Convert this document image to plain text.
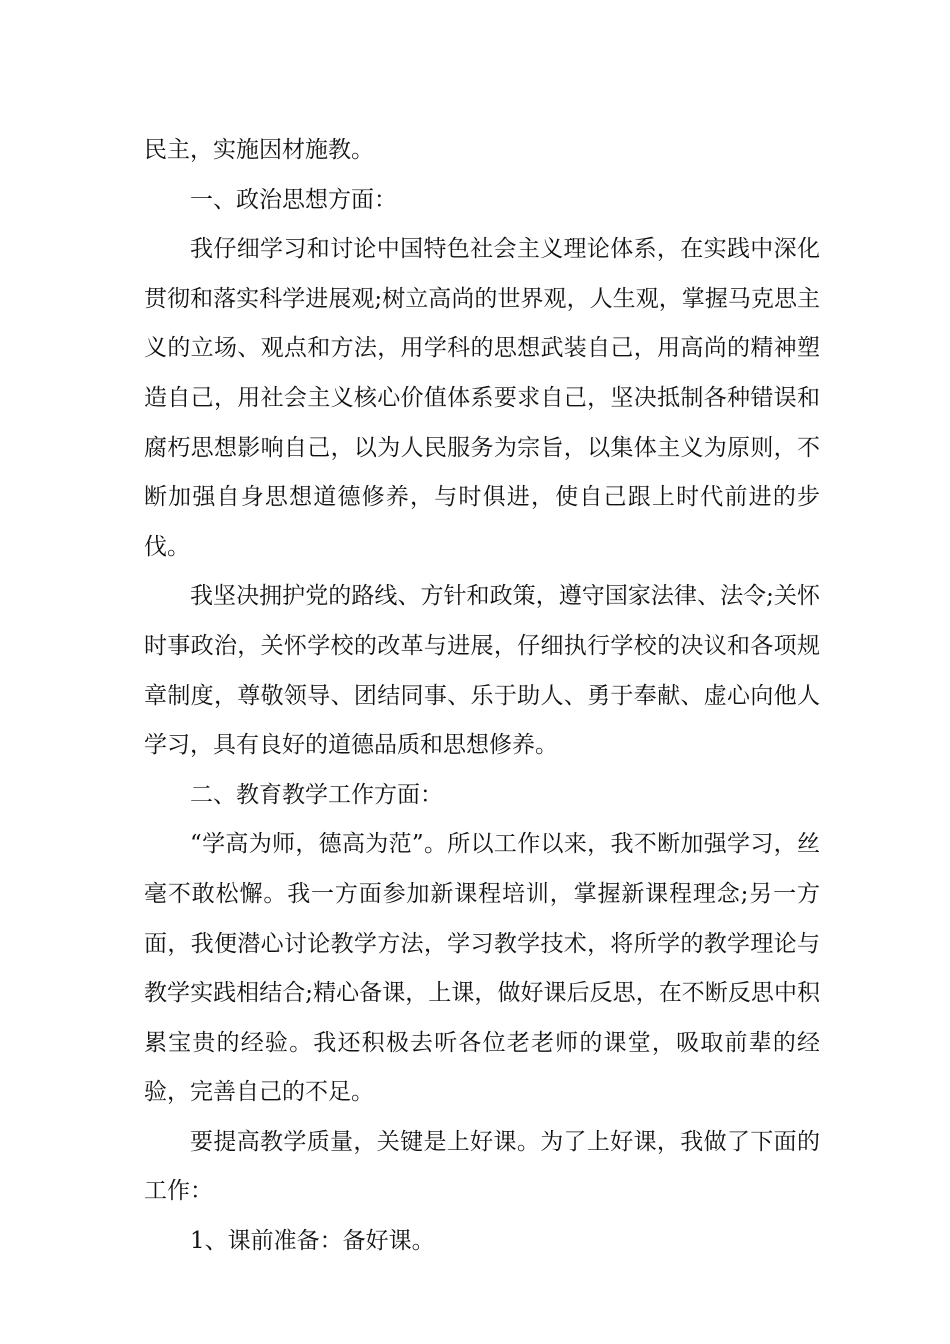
民主，实施因材施教。

一、政治思想方面：

我仔细学习和讨论中国特色社会主义理论体系，在实践中深化贯彻和落实科学进展观;树立高尚的世界观，人生观，掌握马克思主义的立场、观点和方法，用学科的思想武装自己，用高尚的精神塑造自己，用社会主义核心价值体系要求自己，坚决抵制各种错误和腐朽思想影响自己，以为人民服务为宗旨，以集体主义为原则，不断加强自身思想道德修养，与时俱进，使自己跟上时代前进的步伐。

我坚决拥护党的路线、方针和政策，遵守国家法律、法令;关怀时事政治，关怀学校的改革与进展，仔细执行学校的决议和各项规章制度，尊敬领导、团结同事、乐于助人、勇于奉献、虚心向他人学习，具有良好的道德品质和思想修养。

二、教育教学工作方面：

“学高为师，德高为范”。所以工作以来，我不断加强学习，丝毫不敢松懈。我一方面参加新课程培训，掌握新课程理念;另一方面，我便潜心讨论教学方法，学习教学技术，将所学的教学理论与教学实践相结合;精心备课，上课，做好课后反思，在不断反思中积累宝贵的经验。我还积极去听各位老老师的课堂，吸取前辈的经验，完善自己的不足。

要提高教学质量，关键是上好课。为了上好课，我做了下面的工作：

1、课前准备：备好课。
